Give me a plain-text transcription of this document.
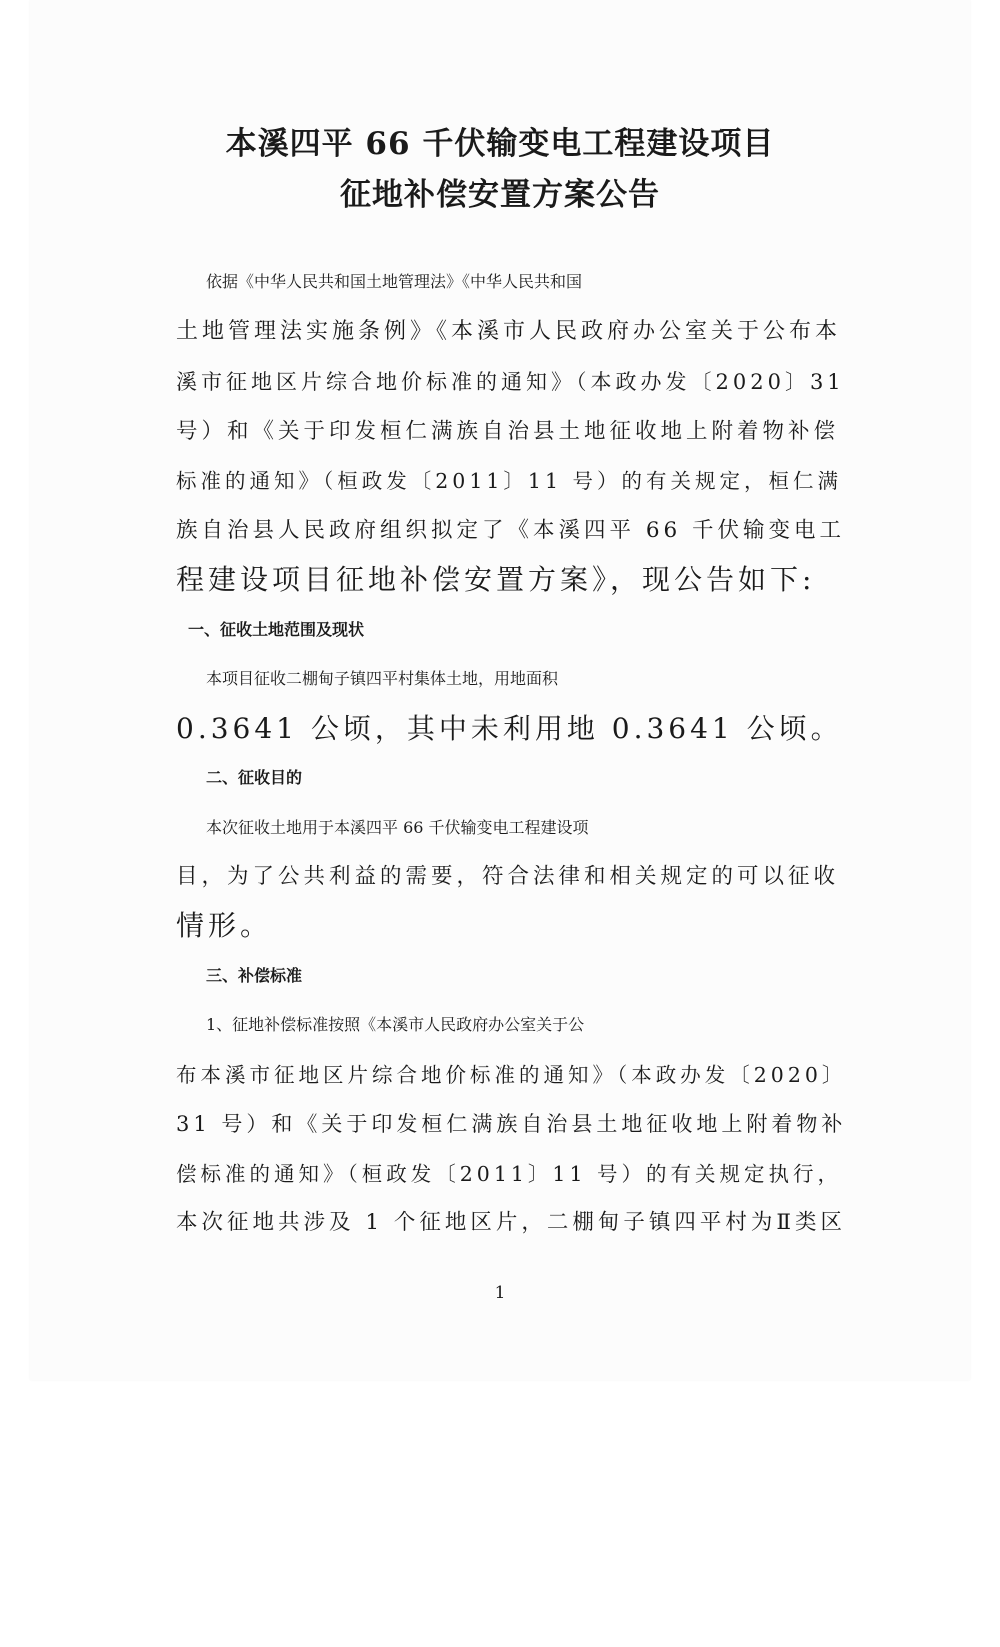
本溪四平 66 千伏输变电工程建设项目
征地补偿安置方案公告
依据《中华人民共和国土地管理法》《中华人民共和国
土地管理法实施条例》《本溪市人民政府办公室关于公布本
溪市征地区片综合地价标准的通知》（本政办发〔2020〕31
号）和《关于印发桓仁满族自治县土地征收地上附着物补偿
标准的通知》（桓政发〔2011〕11 号）的有关规定，桓仁满
族自治县人民政府组织拟定了《本溪四平 66 千伏输变电工
程建设项目征地补偿安置方案》，现公告如下:
一、征收土地范围及现状
本项目征收二棚甸子镇四平村集体土地，用地面积
0.3641 公顷，其中未利用地 0.3641 公顷。
二、征收目的
本次征收土地用于本溪四平 66 千伏输变电工程建设项
目，为了公共利益的需要，符合法律和相关规定的可以征收
情形。
三、补偿标准
1、征地补偿标准按照《本溪市人民政府办公室关于公
布本溪市征地区片综合地价标准的通知》（本政办发〔2020〕
31 号）和《关于印发桓仁满族自治县土地征收地上附着物补
偿标准的通知》（桓政发〔2011〕11 号）的有关规定执行，
本次征地共涉及 1 个征地区片，二棚甸子镇四平村为Ⅱ类区
1
